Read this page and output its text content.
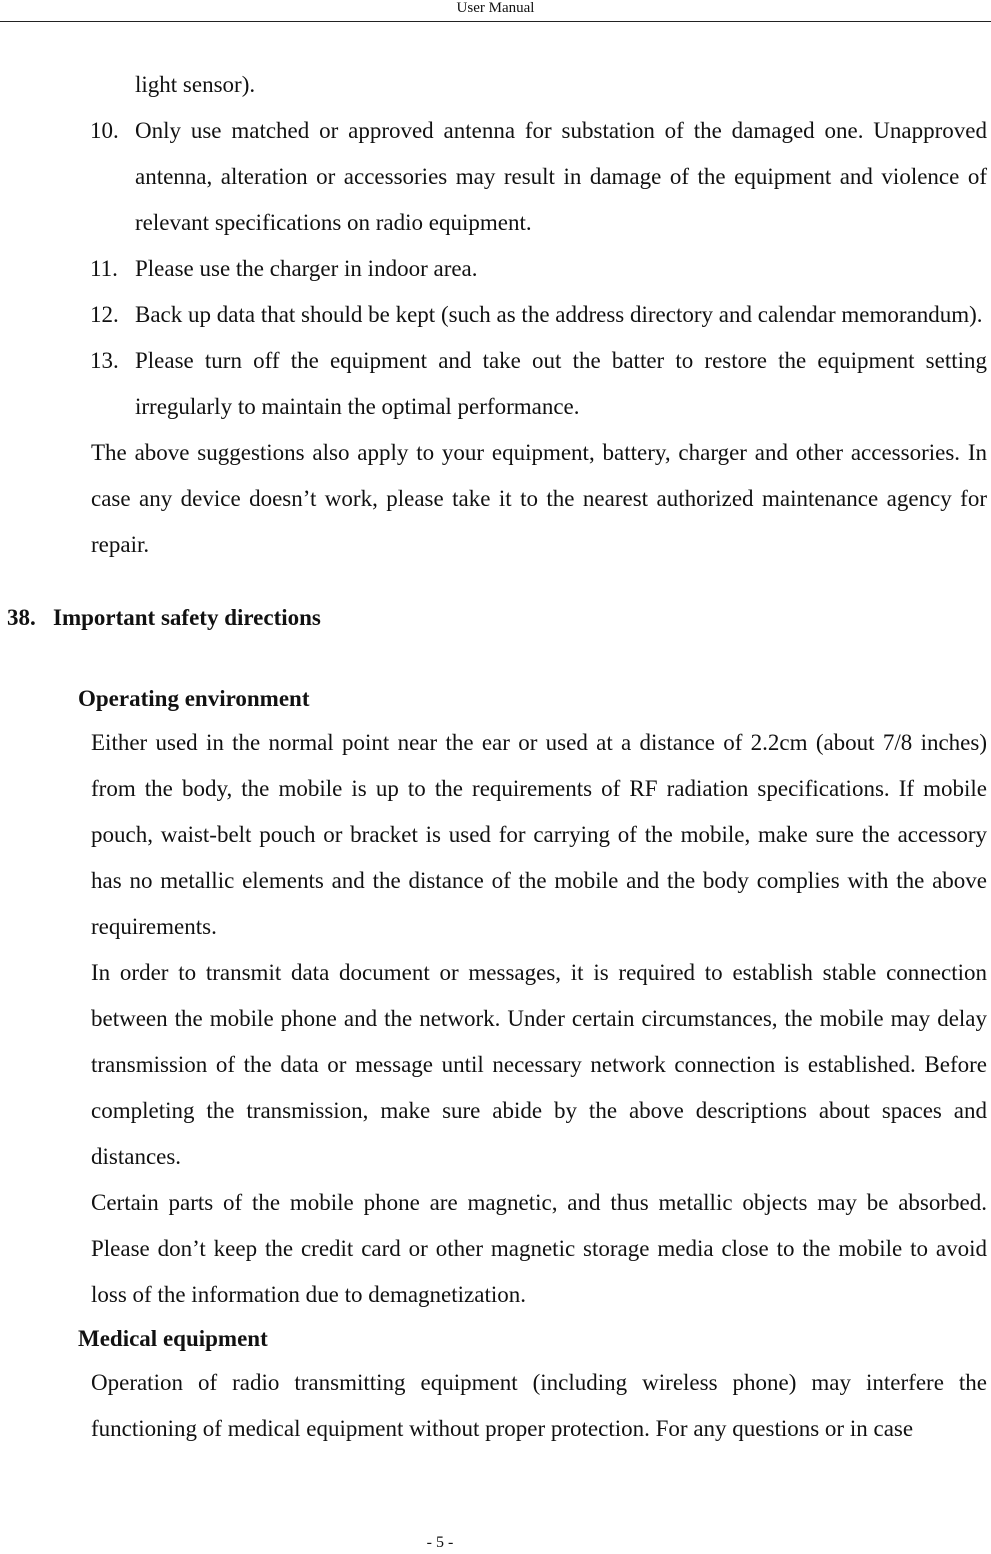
User Manual
light sensor).
10. Only use matched or approved antenna for substation of the damaged one. Unapproved antenna, alteration or accessories may result in damage of the equipment and violence of relevant specifications on radio equipment.
11. Please use the charger in indoor area.
12. Back up data that should be kept (such as the address directory and calendar memorandum).
13. Please turn off the equipment and take out the batter to restore the equipment setting irregularly to maintain the optimal performance.
The above suggestions also apply to your equipment, battery, charger and other accessories. In case any device doesn’t work, please take it to the nearest authorized maintenance agency for repair.
38. Important safety directions
Operating environment
Either used in the normal point near the ear or used at a distance of 2.2cm (about 7/8 inches) from the body, the mobile is up to the requirements of RF radiation specifications. If mobile pouch, waist-belt pouch or bracket is used for carrying of the mobile, make sure the accessory has no metallic elements and the distance of the mobile and the body complies with the above requirements.
In order to transmit data document or messages, it is required to establish stable connection between the mobile phone and the network. Under certain circumstances, the mobile may delay transmission of the data or message until necessary network connection is established. Before completing the transmission, make sure abide by the above descriptions about spaces and distances.
Certain parts of the mobile phone are magnetic, and thus metallic objects may be absorbed. Please don’t keep the credit card or other magnetic storage media close to the mobile to avoid loss of the information due to demagnetization.
Medical equipment
Operation of radio transmitting equipment (including wireless phone) may interfere the functioning of medical equipment without proper protection. For any questions or in case
- 5 -
